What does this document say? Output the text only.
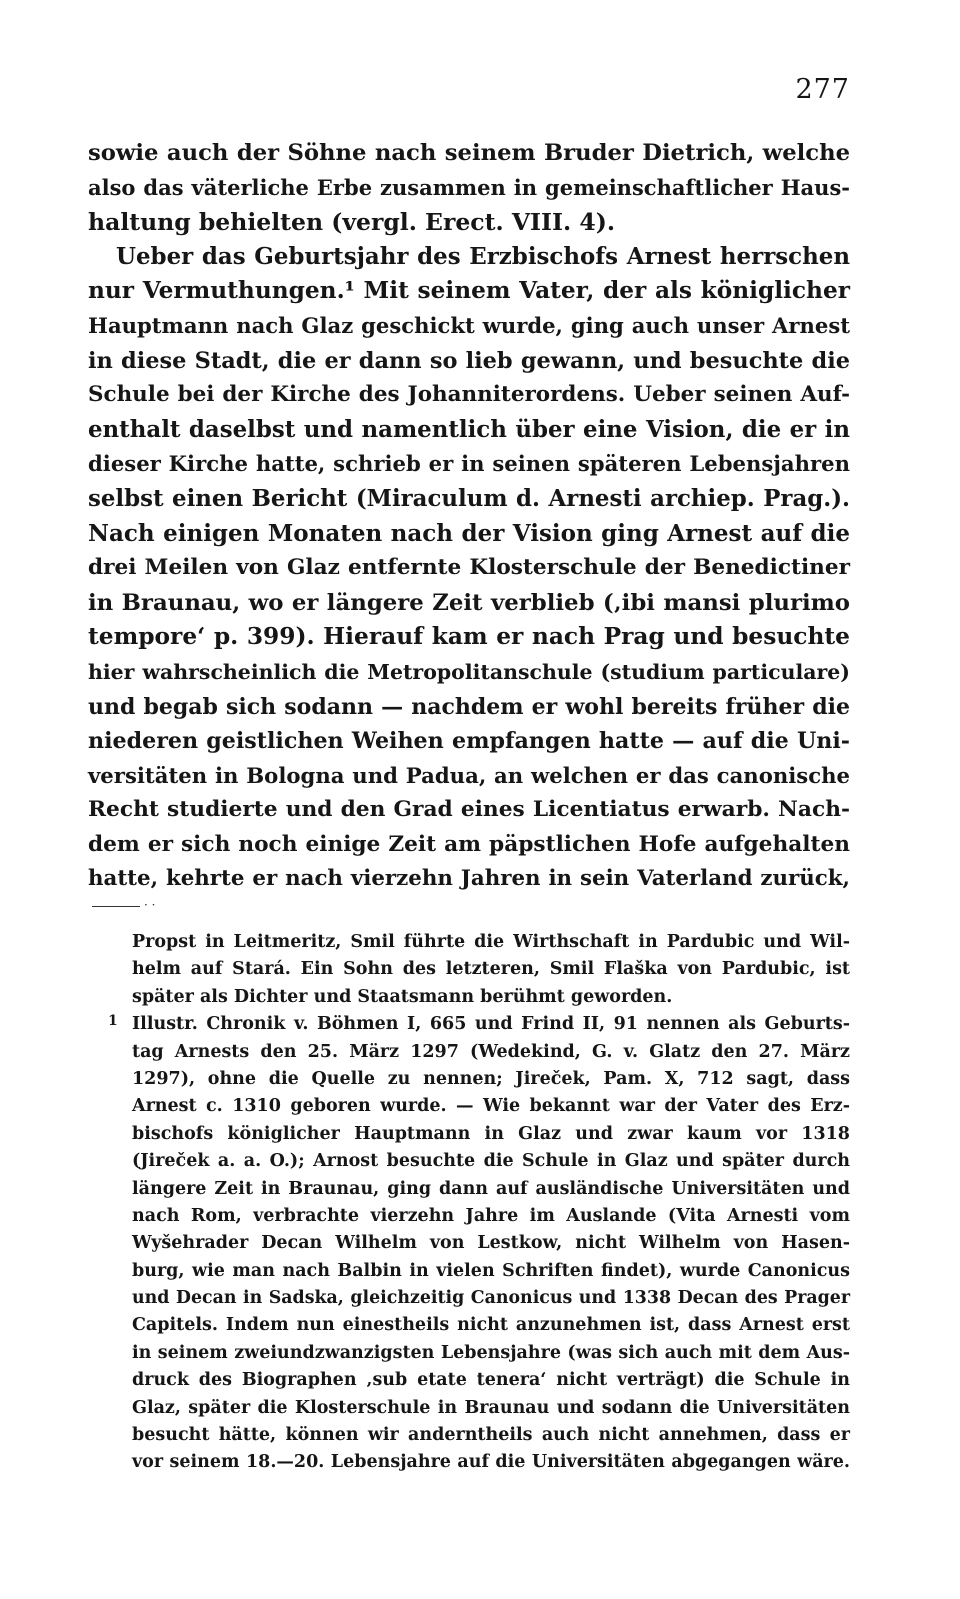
277
sowie auch der Söhne nach seinem Bruder Dietrich, welche
also das väterliche Erbe zusammen in gemeinschaftlicher Haus-
haltung behielten (vergl. Erect. VIII. 4).
Ueber das Geburtsjahr des Erzbischofs Arnest herrschen
nur Vermuthungen.¹ Mit seinem Vater, der als königlicher
Hauptmann nach Glaz geschickt wurde, ging auch unser Arnest
in diese Stadt, die er dann so lieb gewann, und besuchte die
Schule bei der Kirche des Johanniterordens. Ueber seinen Auf-
enthalt daselbst und namentlich über eine Vision, die er in
dieser Kirche hatte, schrieb er in seinen späteren Lebensjahren
selbst einen Bericht (Miraculum d. Arnesti archiep. Prag.).
Nach einigen Monaten nach der Vision ging Arnest auf die
drei Meilen von Glaz entfernte Klosterschule der Benedictiner
in Braunau, wo er längere Zeit verblieb (‚ibi mansi plurimo
tempore‘ p. 399). Hierauf kam er nach Prag und besuchte
hier wahrscheinlich die Metropolitanschule (studium particulare)
und begab sich sodann — nachdem er wohl bereits früher die
niederen geistlichen Weihen empfangen hatte — auf die Uni-
versitäten in Bologna und Padua, an welchen er das canonische
Recht studierte und den Grad eines Licentiatus erwarb. Nach-
dem er sich noch einige Zeit am päpstlichen Hofe aufgehalten
hatte, kehrte er nach vierzehn Jahren in sein Vaterland zurück,
· ·
Propst in Leitmeritz, Smil führte die Wirthschaft in Pardubic und Wil-
helm auf Stará. Ein Sohn des letzteren, Smil Flaška von Pardubic, ist
später als Dichter und Staatsmann berühmt geworden.
1 Illustr. Chronik v. Böhmen I, 665 und Frind II, 91 nennen als Geburts-
tag Arnests den 25. März 1297 (Wedekind, G. v. Glatz den 27. März
1297), ohne die Quelle zu nennen; Jireček, Pam. X, 712 sagt, dass
Arnest c. 1310 geboren wurde. — Wie bekannt war der Vater des Erz-
bischofs königlicher Hauptmann in Glaz und zwar kaum vor 1318
(Jireček a. a. O.); Arnost besuchte die Schule in Glaz und später durch
längere Zeit in Braunau, ging dann auf ausländische Universitäten und
nach Rom, verbrachte vierzehn Jahre im Auslande (Vita Arnesti vom
Wyšehrader Decan Wilhelm von Lestkow, nicht Wilhelm von Hasen-
burg, wie man nach Balbin in vielen Schriften findet), wurde Canonicus
und Decan in Sadska, gleichzeitig Canonicus und 1338 Decan des Prager
Capitels. Indem nun einestheils nicht anzunehmen ist, dass Arnest erst
in seinem zweiundzwanzigsten Lebensjahre (was sich auch mit dem Aus-
druck des Biographen ‚sub etate tenera‘ nicht verträgt) die Schule in
Glaz, später die Klosterschule in Braunau und sodann die Universitäten
besucht hätte, können wir anderntheils auch nicht annehmen, dass er
vor seinem 18.—20. Lebensjahre auf die Universitäten abgegangen wäre.
